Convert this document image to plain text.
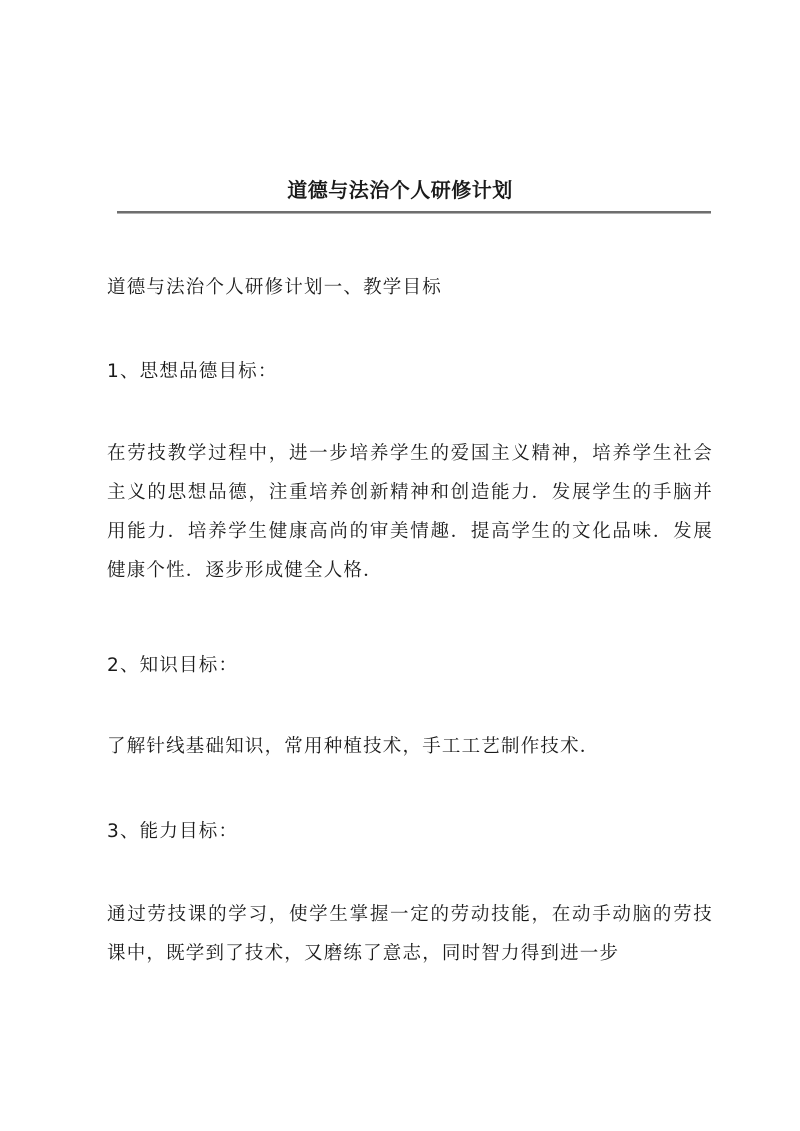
道德与法治个人研修计划

道德与法治个人研修计划一、教学目标

1、思想品德目标：

在劳技教学过程中，进一步培养学生的爱国主义精神，培养学生社会主义的思想品德，注重培养创新精神和创造能力．发展学生的手脑并用能力．培养学生健康高尚的审美情趣．提高学生的文化品味．发展健康个性．逐步形成健全人格．

2、知识目标：

了解针线基础知识，常用种植技术，手工工艺制作技术．

3、能力目标：

通过劳技课的学习，使学生掌握一定的劳动技能，在动手动脑的劳技课中，既学到了技术，又磨练了意志，同时智力得到进一步
